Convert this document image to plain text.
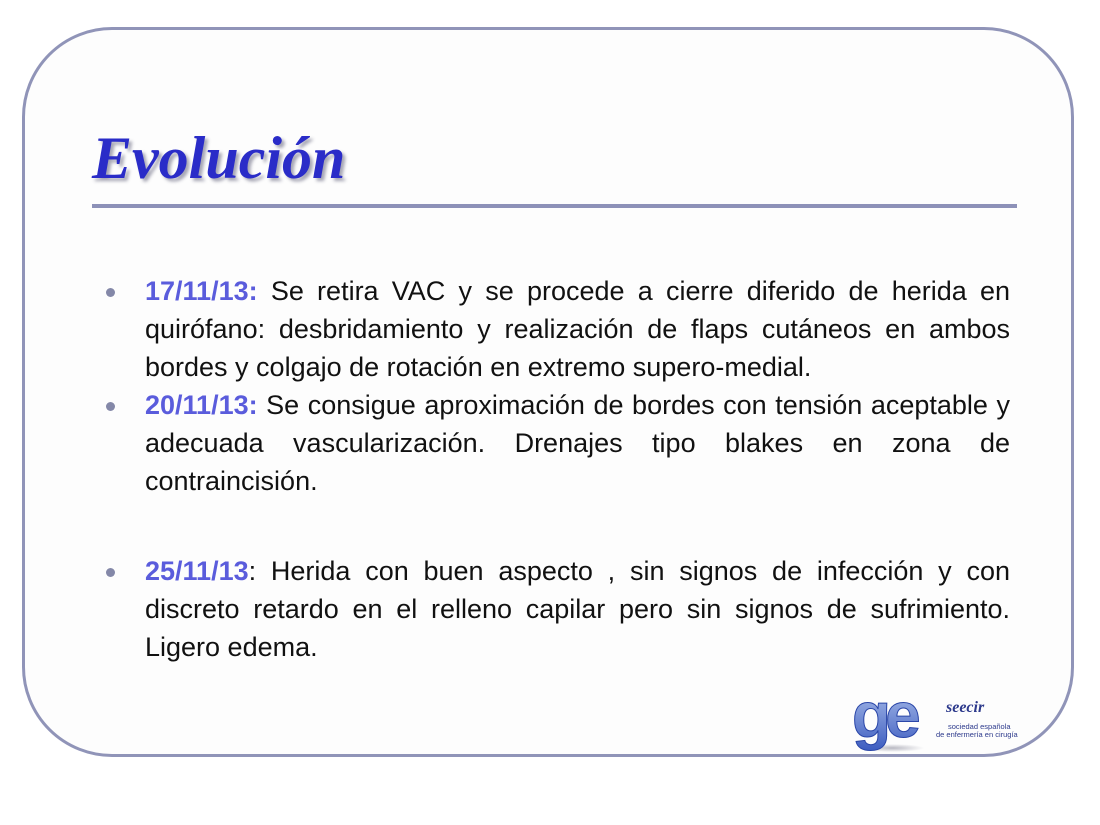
Evolución
17/11/13: Se retira VAC y se procede a cierre diferido de herida en quirófano: desbridamiento y realización de flaps cutáneos en ambos bordes y colgajo de rotación en extremo supero-medial.
20/11/13: Se consigue aproximación de bordes con tensión aceptable y adecuada vascularización. Drenajes tipo blakes en zona de contraincisión.
25/11/13: Herida con buen aspecto , sin signos de infección y con discreto retardo en el relleno capilar pero sin signos de sufrimiento. Ligero edema.
ge seecir
sociedad española
de enfermería en cirugía
